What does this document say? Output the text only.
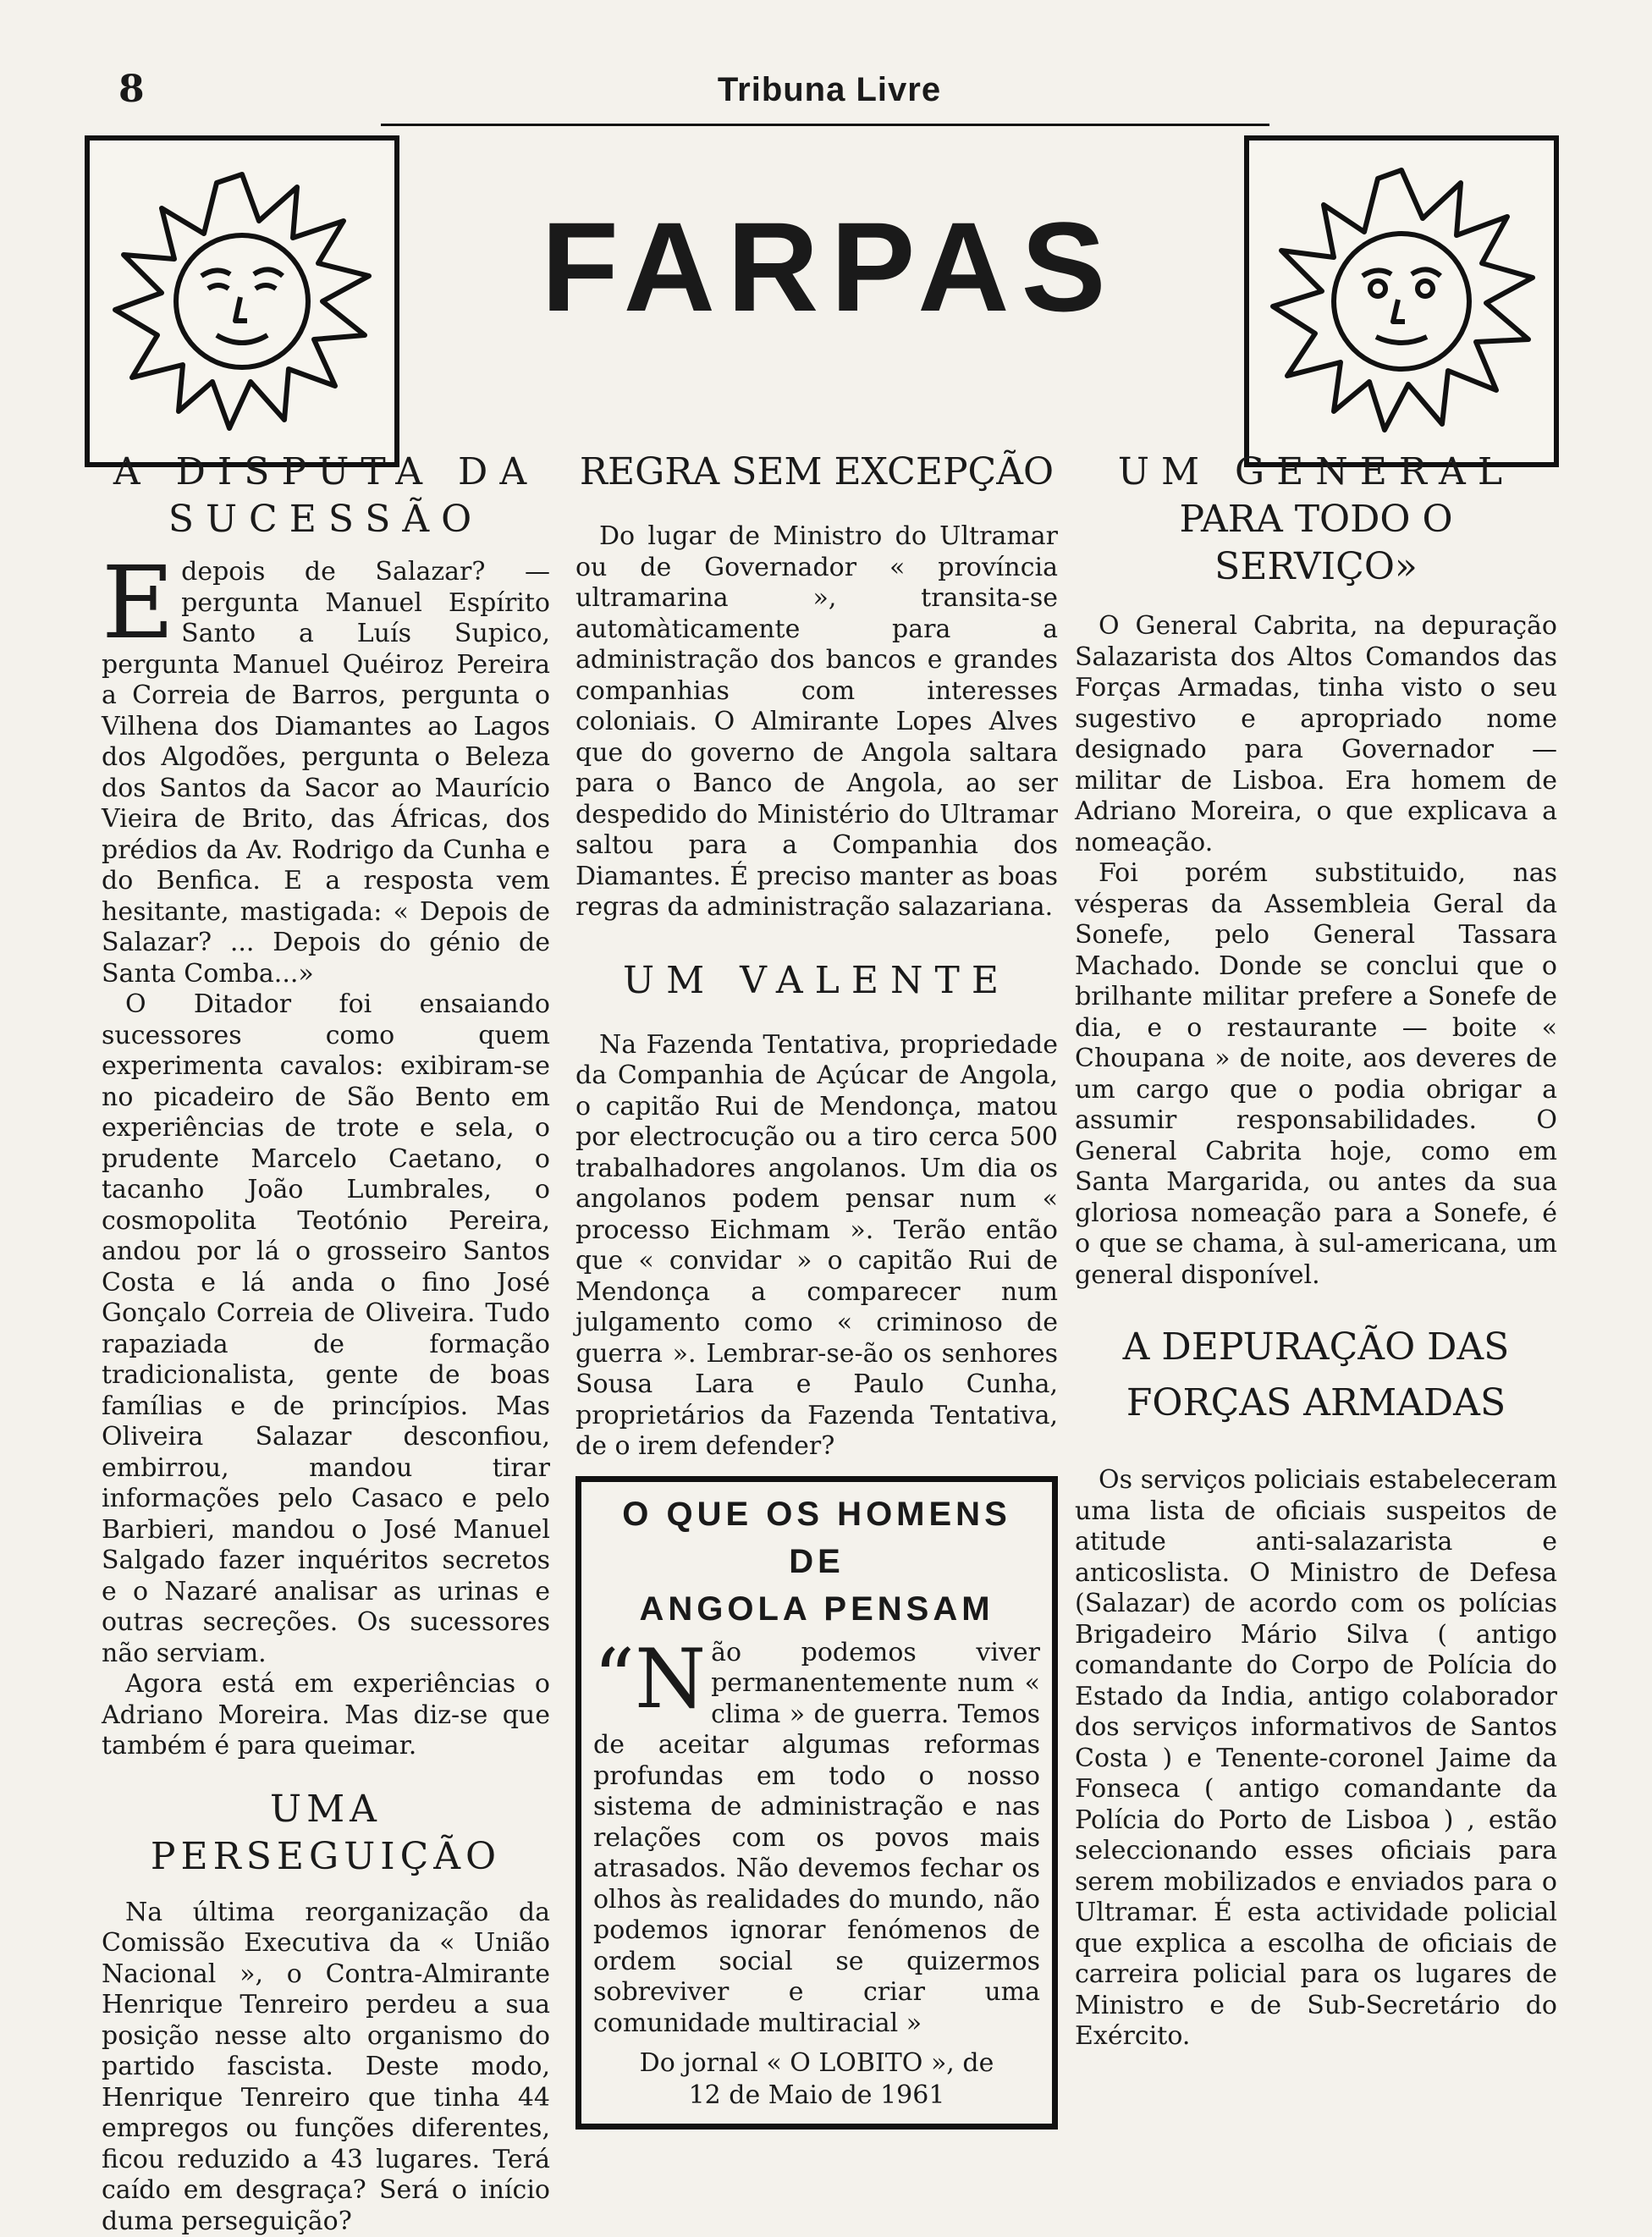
8	Tribuna Livre
FARPAS
A DISPUTA DA
SUCESSÃO

Edepois de Salazar? — pergunta Manuel Espírito Santo a Luís Supico, pergunta Manuel Quéiroz Pereira a Correia de Barros, pergunta o Vilhena dos Diamantes ao Lagos dos Algodões, pergunta o Beleza dos Santos da Sacor ao Maurício Vieira de Brito, das Áfricas, dos prédios da Av. Rodrigo da Cunha e do Benfica. E a resposta vem hesitante, mastigada: « Depois de Salazar? ... Depois do génio de Santa Comba...»

O Ditador foi ensaiando sucessores como quem experimenta cavalos: exibiram-se no picadeiro de São Bento em experiências de trote e sela, o prudente Marcelo Caetano, o tacanho João Lumbrales, o cosmopolita Teotónio Pereira, andou por lá o grosseiro Santos Costa e lá anda o fino José Gonçalo Correia de Oliveira. Tudo rapaziada de formação tradicionalista, gente de boas famílias e de princípios. Mas Oliveira Salazar desconfiou, embirrou, mandou tirar informações pelo Casaco e pelo Barbieri, mandou o José Manuel Salgado fazer inquéritos secretos e o Nazaré analisar as urinas e outras secreções. Os sucessores não serviam.

Agora está em experiências o Adriano Moreira. Mas diz-se que também é para queimar.

UMA PERSEGUIÇÃO

Na última reorganização da Comissão Executiva da « União Nacional », o Contra-Almirante Henrique Tenreiro perdeu a sua posição nesse alto organismo do partido fascista. Deste modo, Henrique Tenreiro que tinha 44 empregos ou funções diferentes, ficou reduzido a 43 lugares. Terá caído em desgraça? Será o início duma perseguição?

REGRA SEM EXCEPÇÃO

Do lugar de Ministro do Ultramar ou de Governador « província ultramarina », transita-se automàticamente para a administração dos bancos e grandes companhias com interesses coloniais. O Almirante Lopes Alves que do governo de Angola saltara para o Banco de Angola, ao ser despedido do Ministério do Ultramar saltou para a Companhia dos Diamantes. É preciso manter as boas regras da administração salazariana.

UM VALENTE

Na Fazenda Tentativa, propriedade da Companhia de Açúcar de Angola, o capitão Rui de Mendonça, matou por electrocução ou a tiro cerca 500 trabalhadores angolanos. Um dia os angolanos podem pensar num « processo Eichmam ». Terão então que « convidar » o capitão Rui de Mendonça a comparecer num julgamento como « criminoso de guerra ». Lembrar-se-ão os senhores Sousa Lara e Paulo Cunha, proprietários da Fazenda Tentativa, de o irem defender?

O QUE OS HOMENS DE
ANGOLA PENSAM

“N ão podemos viver permanentemente num « clima » de guerra. Temos de aceitar algumas reformas profundas em todo o nosso sistema de administração e nas relações com os povos mais atrasados. Não devemos fechar os olhos às realidades do mundo, não podemos ignorar fenómenos de ordem social se quizermos sobreviver e criar uma comunidade multiracial »

Do jornal « O LOBITO », de
12 de Maio de 1961
UM GENERAL
PARA TODO O SERVIÇO»

O General Cabrita, na depuração Salazarista dos Altos Comandos das Forças Armadas, tinha visto o seu sugestivo e apropriado nome designado para Governador — militar de Lisboa. Era homem de Adriano Moreira, o que explicava a nomeação.

Foi porém substituido, nas vésperas da Assembleia Geral da Sonefe, pelo General Tassara Machado. Donde se conclui que o brilhante militar prefere a Sonefe de dia, e o restaurante — boite « Choupana » de noite, aos deveres de um cargo que o podia obrigar a assumir responsabilidades. O General Cabrita hoje, como em Santa Margarida, ou antes da sua gloriosa nomeação para a Sonefe, é o que se chama, à sul-americana, um general disponível.

A DEPURAÇÃO DAS
FORÇAS ARMADAS

Os serviços policiais estabeleceram uma lista de oficiais suspeitos de atitude anti-salazarista e anticoslista. O Ministro de Defesa (Salazar) de acordo com os polícias Brigadeiro Mário Silva ( antigo comandante do Corpo de Polícia do Estado da India, antigo colaborador dos serviços informativos de Santos Costa ) e Tenente-coronel Jaime da Fonseca ( antigo comandante da Polícia do Porto de Lisboa ) , estão seleccionando esses oficiais para serem mobilizados e enviados para o Ultramar. É esta actividade policial que explica a escolha de oficiais de carreira policial para os lugares de Ministro e de Sub-Secretário do Exército.
